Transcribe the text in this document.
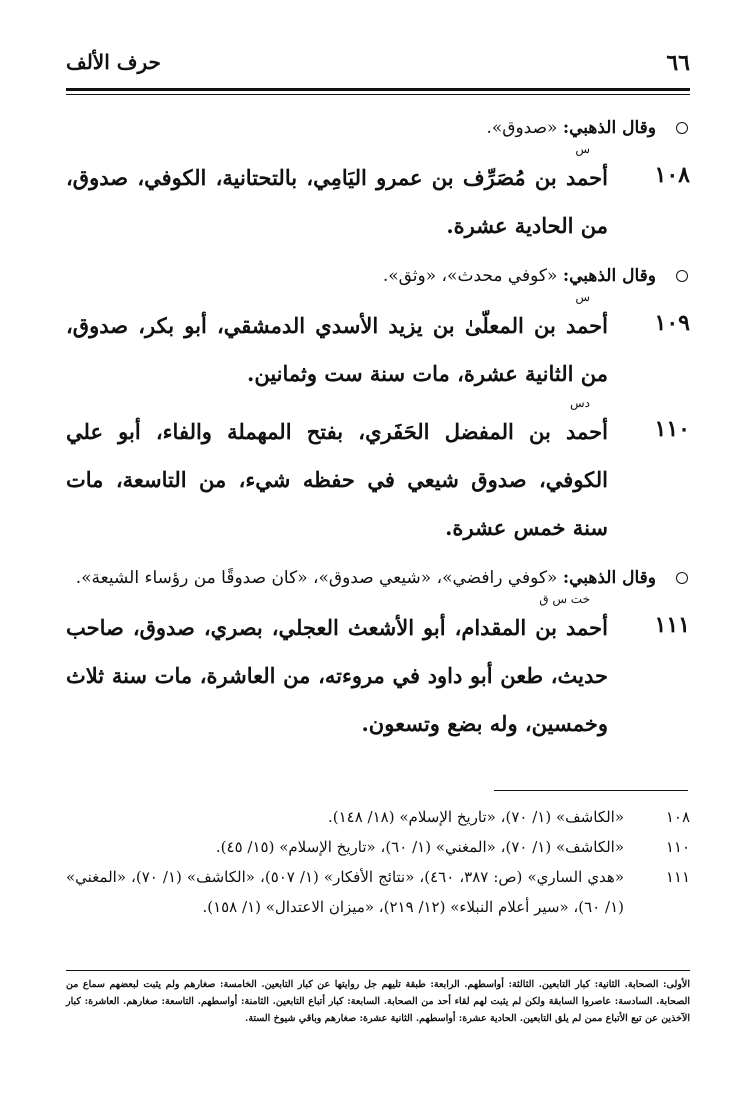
٦٦
حرف الألف
وقال الذهبي: «صدوق».
١٠٨
س
أحمد بن مُصَرِّف بن عمرو اليَامِي، بالتحتانية، الكوفي، صدوق، من الحادية عشرة.
وقال الذهبي: «كوفي محدث»، «وثق».
١٠٩
س
أحمد بن المعلّىٰ بن يزيد الأسدي الدمشقي، أبو بكر، صدوق، من الثانية عشرة، مات سنة ست وثمانين.
١١٠
دس
أحمد بن المفضل الحَفَري، بفتح المهملة والفاء، أبو علي الكوفي، صدوق شيعي في حفظه شيء، من التاسعة، مات سنة خمس عشرة.
وقال الذهبي: «كوفي رافضي»، «شيعي صدوق»، «كان صدوقًا من رؤساء الشيعة».
١١١
خت س ق
أحمد بن المقدام، أبو الأشعث العجلي، بصري، صدوق، صاحب حديث، طعن أبو داود في مروءته، من العاشرة، مات سنة ثلاث وخمسين، وله بضع وتسعون.
١٠٨
«الكاشف» (١/ ٧٠)، «تاريخ الإسلام» (١٨/ ١٤٨).
١١٠
«الكاشف» (١/ ٧٠)، «المغني» (١/ ٦٠)، «تاريخ الإسلام» (١٥/ ٤٥).
١١١
«هدي الساري» (ص: ٣٨٧، ٤٦٠)، «نتائج الأفكار» (١/ ٥٠٧)، «الكاشف» (١/ ٧٠)، «المغني» (١/ ٦٠)، «سير أعلام النبلاء» (١٢/ ٢١٩)، «ميزان الاعتدال» (١/ ١٥٨).
الأولى: الصحابة. الثانية: كبار التابعين. الثالثة: أواسطهم. الرابعة: طبقة تليهم جل روايتها عن كبار التابعين. الخامسة: صغارهم ولم يثبت لبعضهم سماع من الصحابة. السادسة: عاصروا السابقة ولكن لم يثبت لهم لقاء أحد من الصحابة. السابعة: كبار أتباع التابعين. الثامنة: أواسطهم. التاسعة: صغارهم. العاشرة: كبار الآخذين عن تبع الأتباع ممن لم يلق التابعين. الحادية عشرة: أواسطهم. الثانية عشرة: صغارهم وباقي شيوخ الستة.
